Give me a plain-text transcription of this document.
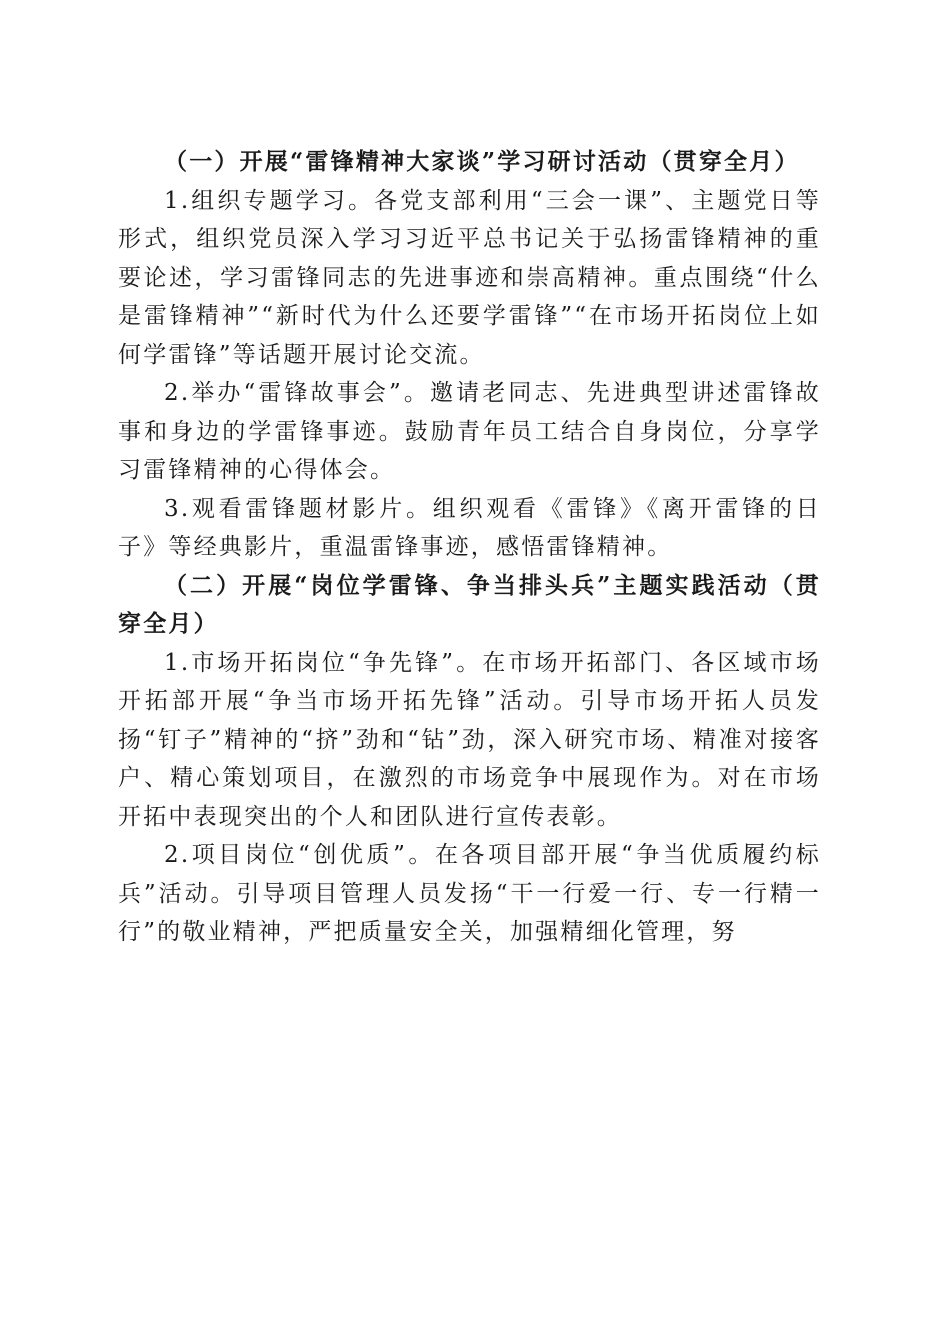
（一）开展“雷锋精神大家谈”学习研讨活动（贯穿全月）

1.组织专题学习。各党支部利用“三会一课”、主题党日等形式，组织党员深入学习习近平总书记关于弘扬雷锋精神的重要论述，学习雷锋同志的先进事迹和崇高精神。重点围绕“什么是雷锋精神”“新时代为什么还要学雷锋”“在市场开拓岗位上如何学雷锋”等话题开展讨论交流。

2.举办“雷锋故事会”。邀请老同志、先进典型讲述雷锋故事和身边的学雷锋事迹。鼓励青年员工结合自身岗位，分享学习雷锋精神的心得体会。

3.观看雷锋题材影片。组织观看《雷锋》《离开雷锋的日子》等经典影片，重温雷锋事迹，感悟雷锋精神。

（二）开展“岗位学雷锋、争当排头兵”主题实践活动（贯穿全月）

1.市场开拓岗位“争先锋”。在市场开拓部门、各区域市场开拓部开展“争当市场开拓先锋”活动。引导市场开拓人员发扬“钉子”精神的“挤”劲和“钻”劲，深入研究市场、精准对接客户、精心策划项目，在激烈的市场竞争中展现作为。对在市场开拓中表现突出的个人和团队进行宣传表彰。

2.项目岗位“创优质”。在各项目部开展“争当优质履约标兵”活动。引导项目管理人员发扬“干一行爱一行、专一行精一行”的敬业精神，严把质量安全关，加强精细化管理，努
